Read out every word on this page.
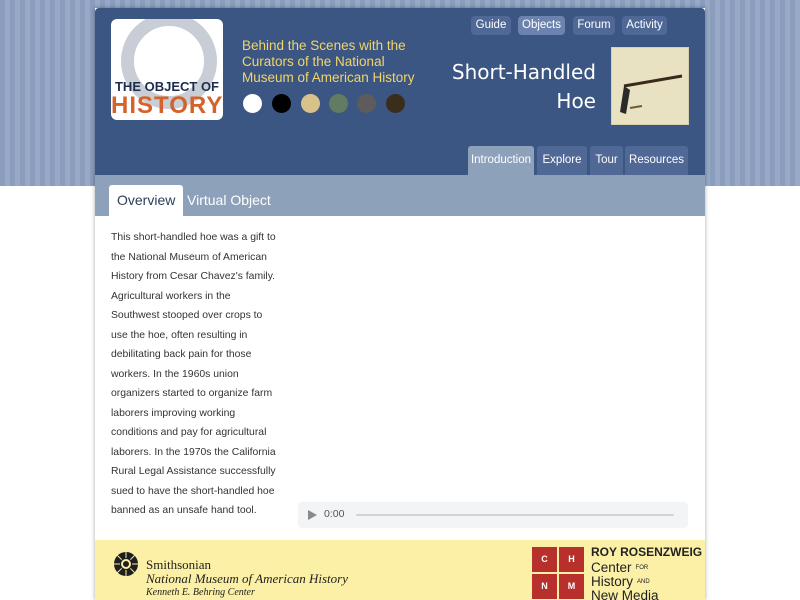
THE OBJECT OF
HISTORY
Behind the Scenes with the Curators of the National Museum of American History
Guide	Objects	Forum	Activity
Short-Handled
Hoe
Introduction Explore	Tour Resources
Overview Virtual Object
This short-handled hoe was a gift to the National Museum of American History from Cesar Chavez's family. Agricultural workers in the Southwest stooped over crops to use the hoe, often resulting in debilitating back pain for those workers. In the 1960s union organizers started to organize farm laborers improving working conditions and pay for agricultural laborers. In the 1970s the California Rural Legal Assistance successfully sued to have the short-handled hoe banned as an unsafe hand tool.	0:00
Smithsonian
National Museum of American History
Kenneth E. Behring Center
C	H
N	M
ROY ROSENZWEIG
Center FOR
History AND
New Media
